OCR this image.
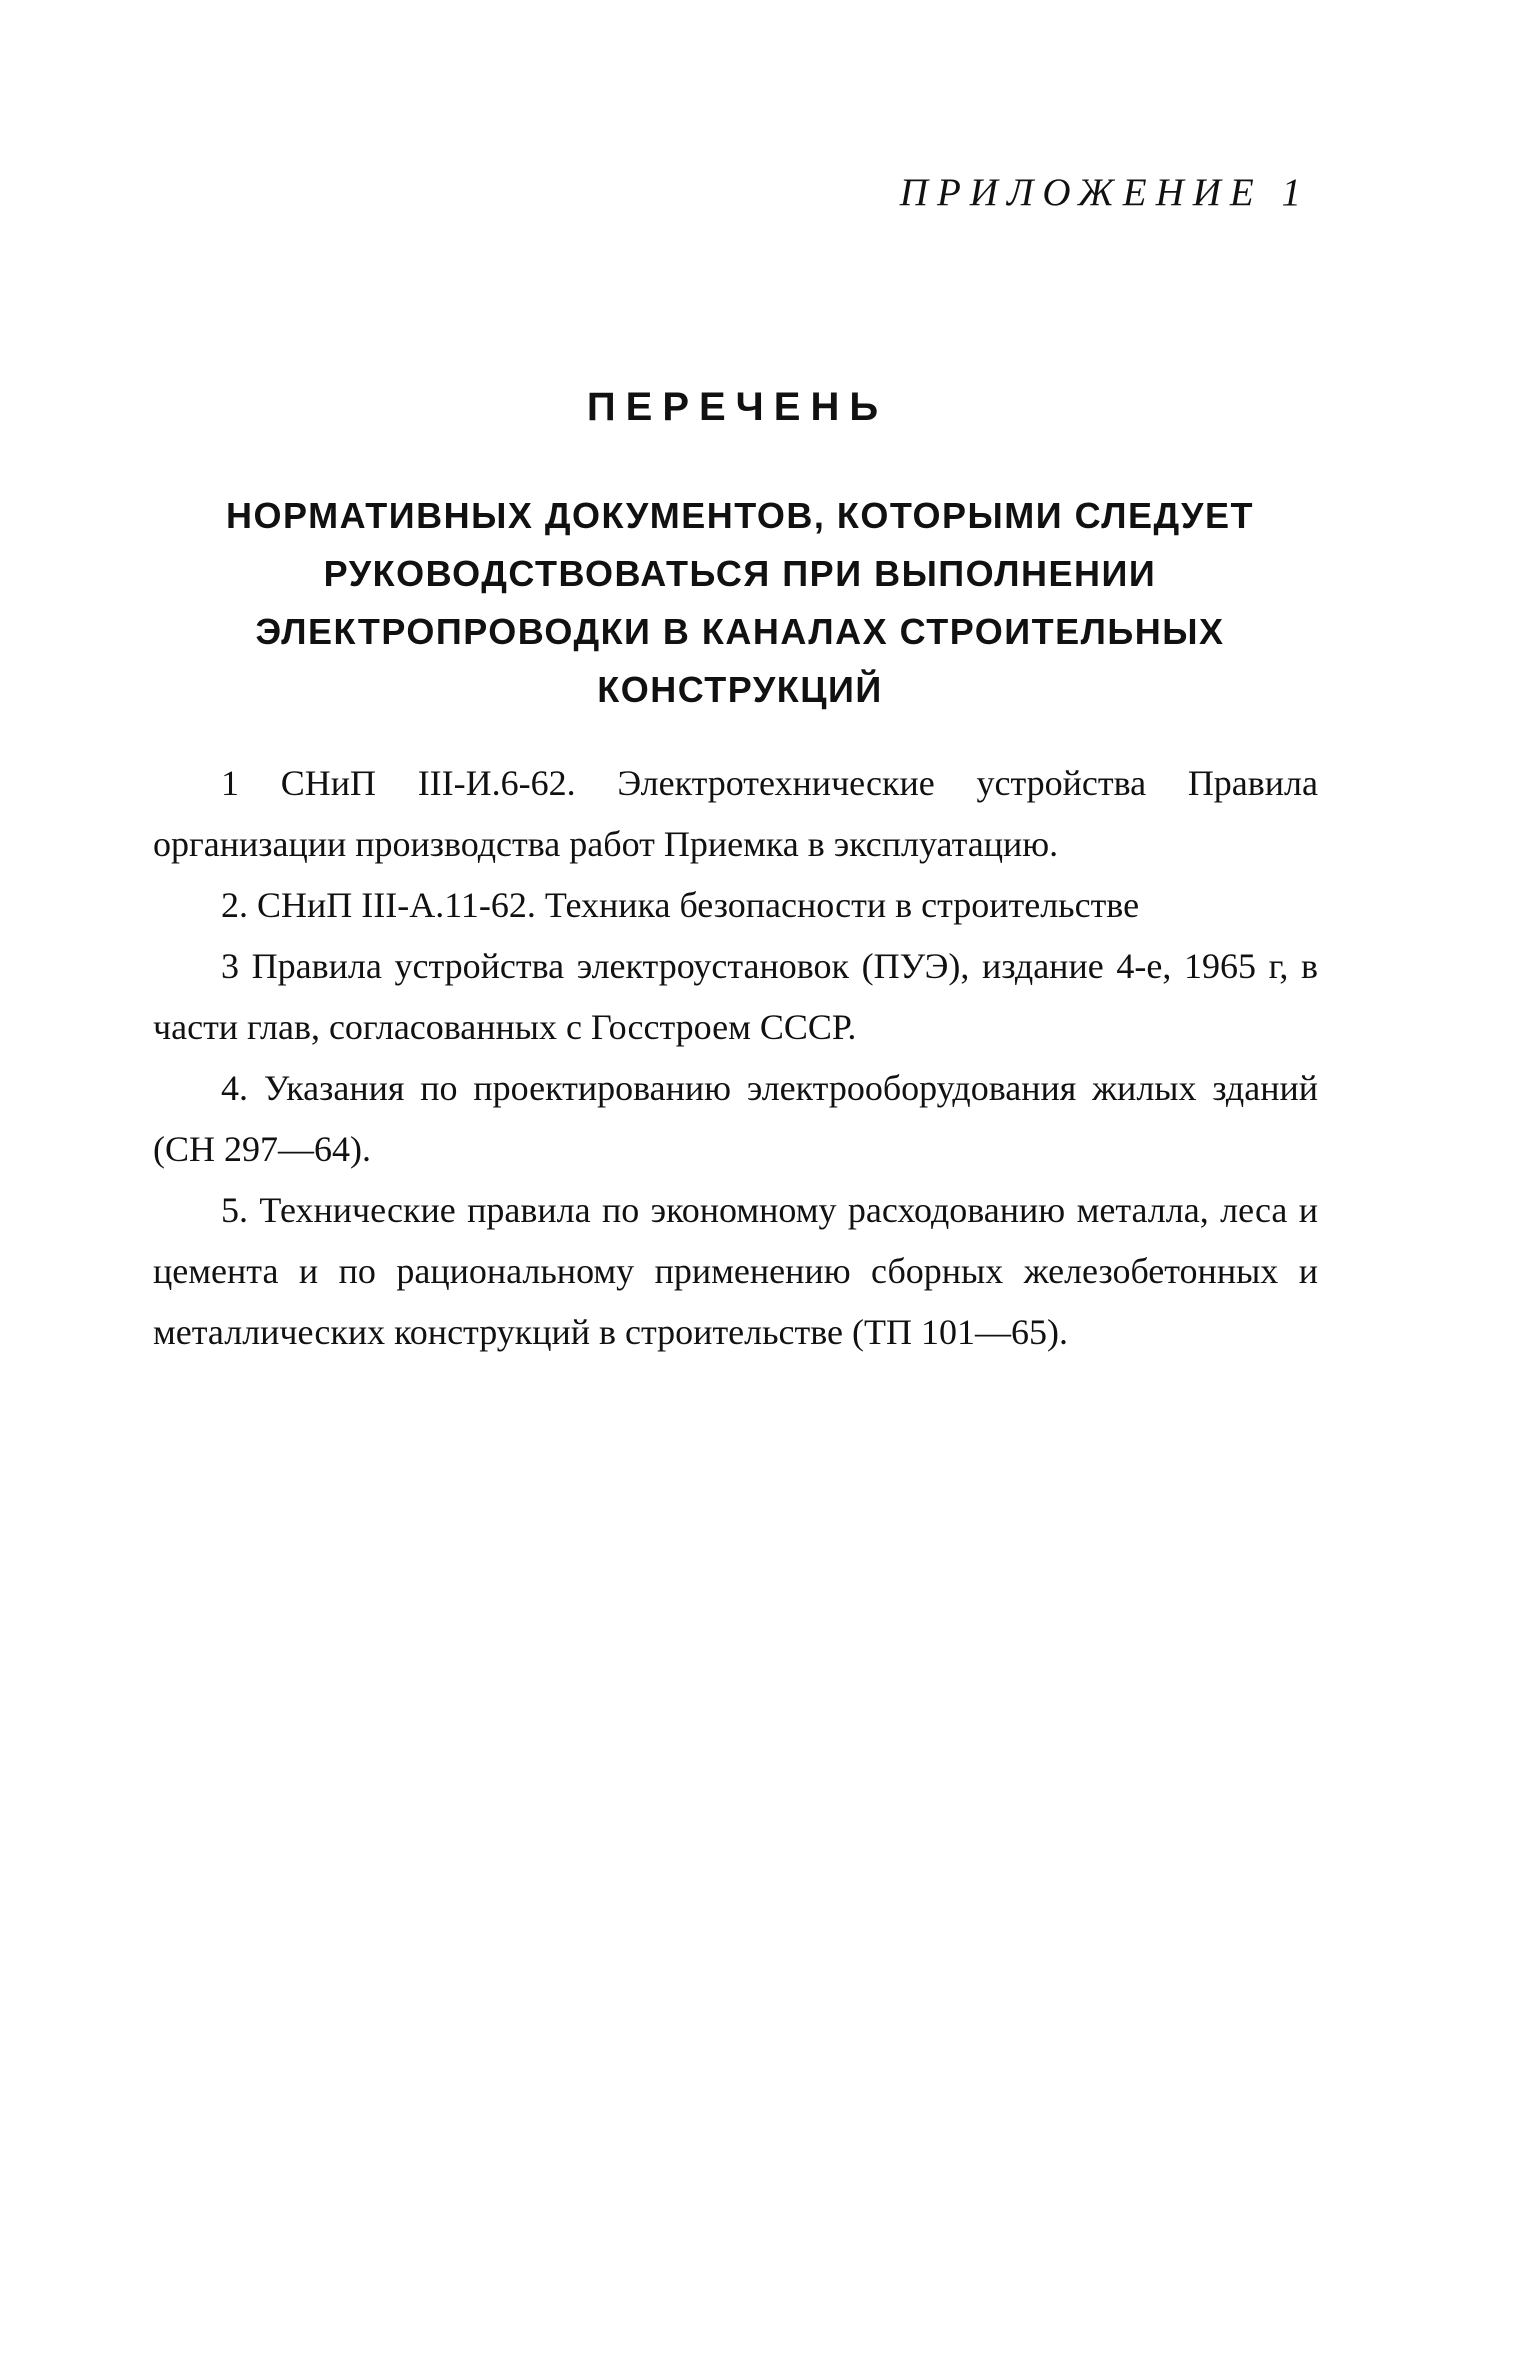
ПРИЛОЖЕНИЕ 1

ПЕРЕЧЕНЬ
НОРМАТИВНЫХ ДОКУМЕНТОВ, КОТОРЫМИ СЛЕДУЕТ
РУКОВОДСТВОВАТЬСЯ ПРИ ВЫПОЛНЕНИИ
ЭЛЕКТРОПРОВОДКИ В КАНАЛАХ СТРОИТЕЛЬНЫХ
КОНСТРУКЦИЙ

1 СНиП III-И.6-62. Электротехнические устройства Правила организации производства работ Приемка в эксплуатацию.

2. СНиП III-А.11-62. Техника безопасности в строительстве

3 Правила устройства электроустановок (ПУЭ), издание 4-е, 1965 г, в части глав, согласованных с Госстроем СССР.

4. Указания по проектированию электрооборудования жилых зданий (СН 297—64).

5. Технические правила по экономному расходованию металла, леса и цемента и по рациональному применению сборных железобетонных и металлических конструкций в строительстве (ТП 101—65).
